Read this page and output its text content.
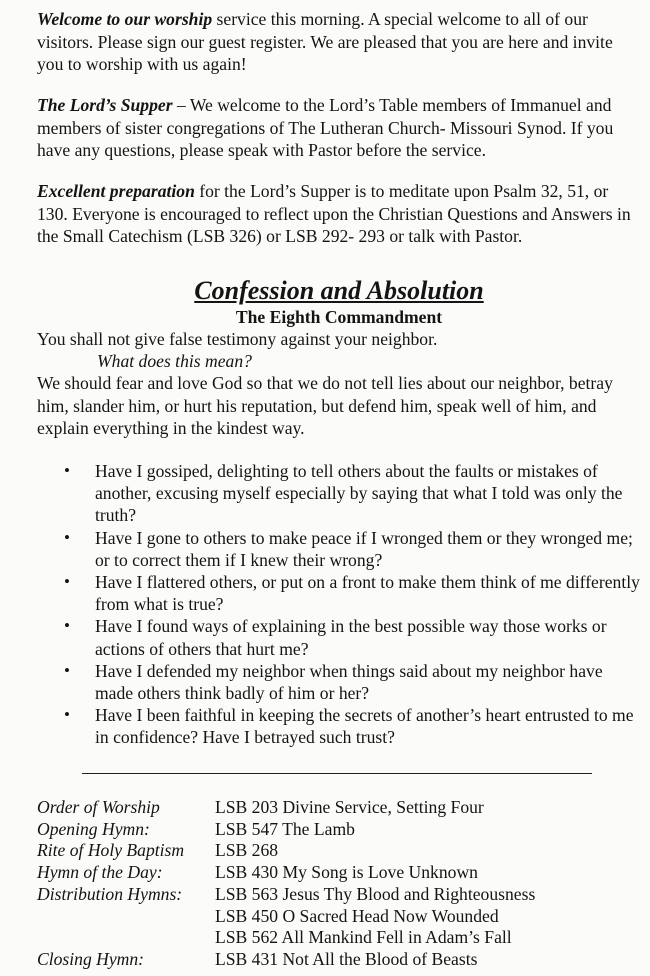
Welcome to our worship service this morning. A special welcome to all of our visitors. Please sign our guest register. We are pleased that you are here and invite you to worship with us again!

The Lord’s Supper – We welcome to the Lord’s Table members of Immanuel and members of sister congregations of The Lutheran Church- Missouri Synod. If you have any questions, please speak with Pastor before the service.

Excellent preparation for the Lord’s Supper is to meditate upon Psalm 32, 51, or 130. Everyone is encouraged to reflect upon the Christian Questions and Answers in the Small Catechism (LSB 326) or LSB 292- 293 or talk with Pastor.

Confession and Absolution
The Eighth Commandment
You shall not give false testimony against your neighbor.
What does this mean?
We should fear and love God so that we do not tell lies about our neighbor, betray him, slander him, or hurt his reputation, but defend him, speak well of him, and explain everything in the kindest way.
• Have I gossiped, delighting to tell others about the faults or mistakes of another, excusing myself especially by saying that what I told was only the truth?
• Have I gone to others to make peace if I wronged them or they wronged me; or to correct them if I knew their wrong?
• Have I flattered others, or put on a front to make them think of me differently from what is true?
• Have I found ways of explaining in the best possible way those works or actions of others that hurt me?
• Have I defended my neighbor when things said about my neighbor have made others think badly of him or her?
• Have I been faithful in keeping the secrets of another’s heart entrusted to me in confidence? Have I betrayed such trust?
Order of Worship	LSB 203 Divine Service, Setting Four
Opening Hymn:	LSB 547 The Lamb
Rite of Holy Baptism	LSB 268
Hymn of the Day:	LSB 430 My Song is Love Unknown
Distribution Hymns:	LSB 563 Jesus Thy Blood and Righteousness
LSB 450 O Sacred Head Now Wounded
LSB 562 All Mankind Fell in Adam’s Fall
Closing Hymn:	LSB 431 Not All the Blood of Beasts
